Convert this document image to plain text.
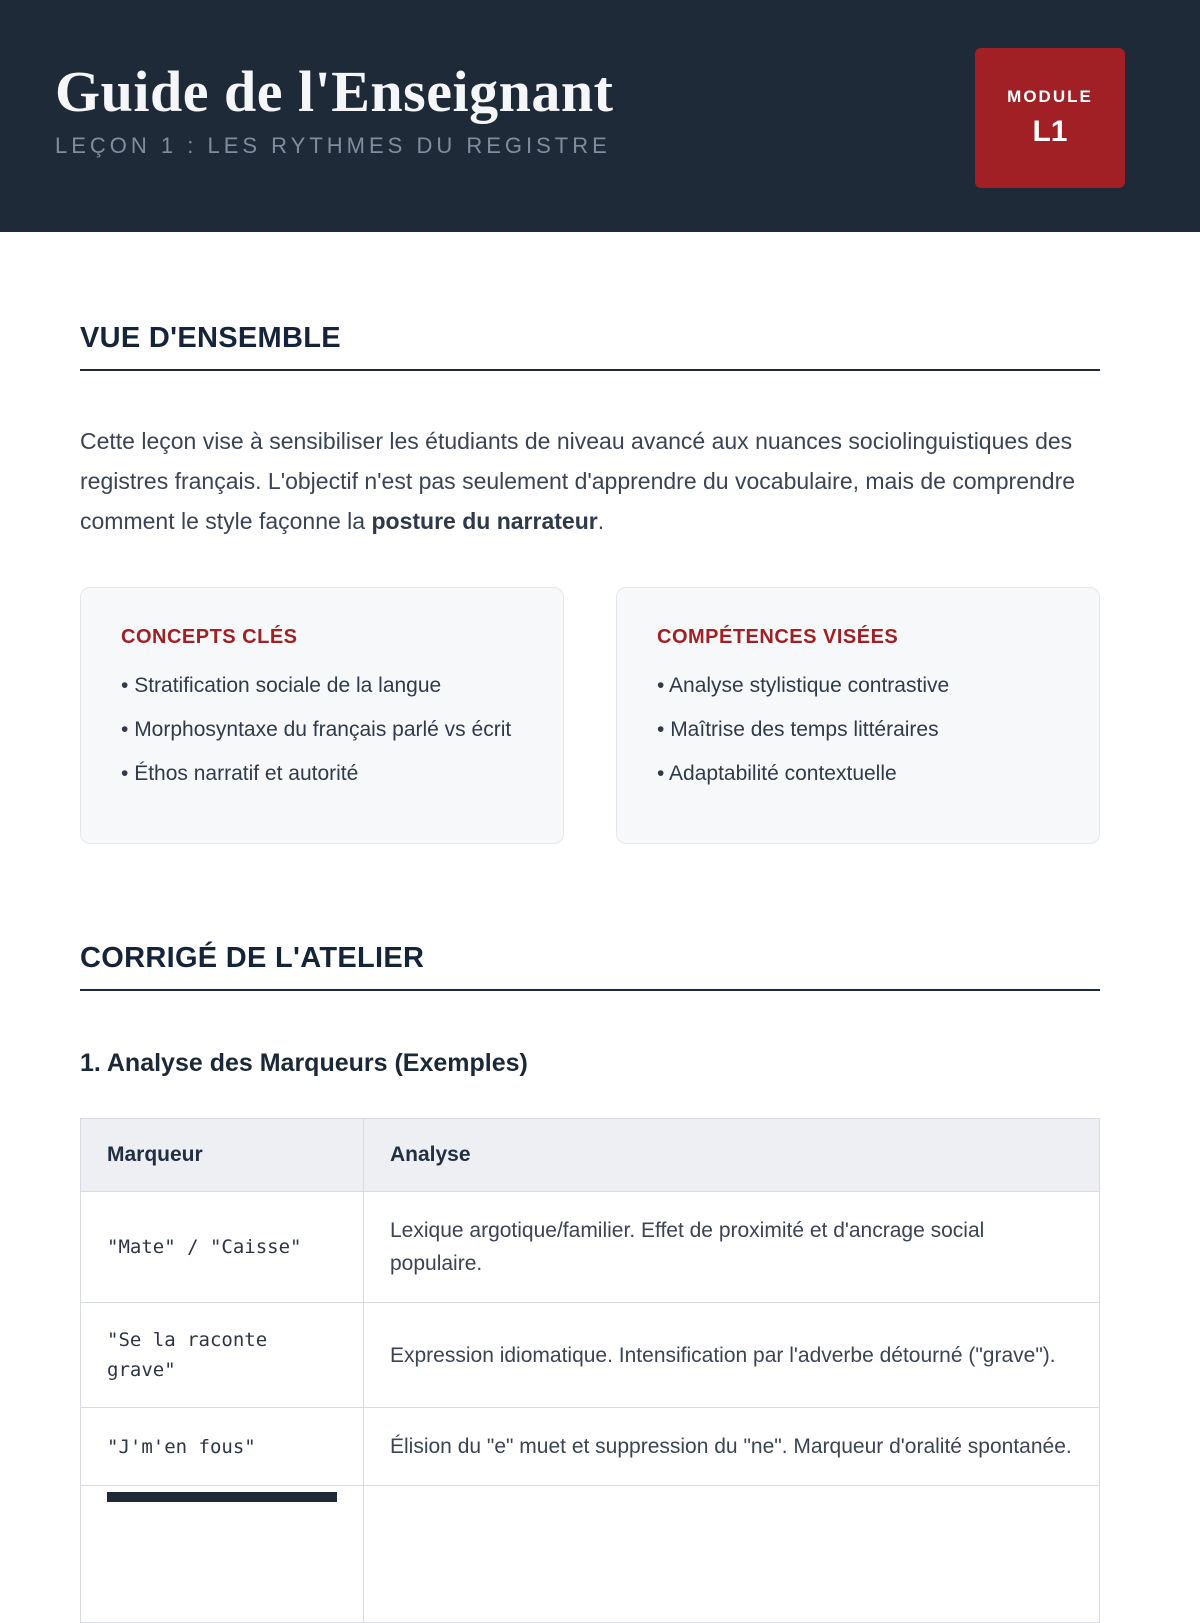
Guide de l'Enseignant
LEÇON 1 : LES RYTHMES DU REGISTRE
MODULE
L1
VUE D'ENSEMBLE

Cette leçon vise à sensibiliser les étudiants de niveau avancé aux nuances sociolinguistiques des registres français. L'objectif n'est pas seulement d'apprendre du vocabulaire, mais de comprendre comment le style façonne la posture du narrateur.

CONCEPTS CLÉS
• Stratification sociale de la langue
• Morphosyntaxe du français parlé vs écrit
• Éthos narratif et autorité
COMPÉTENCES VISÉES
• Analyse stylistique contrastive
• Maîtrise des temps littéraires
• Adaptabilité contextuelle
CORRIGÉ DE L'ATELIER
1. Analyse des Marqueurs (Exemples)
Marqueur	Analyse
"Mate" / "Caisse"	Lexique argotique/familier. Effet de proximité et d'ancrage social populaire.
"Se la raconte grave"	Expression idiomatique. Intensification par l'adverbe détourné ("grave").
"J'm'en fous"	Élision du "e" muet et suppression du "ne". Marqueur d'oralité spontanée.
